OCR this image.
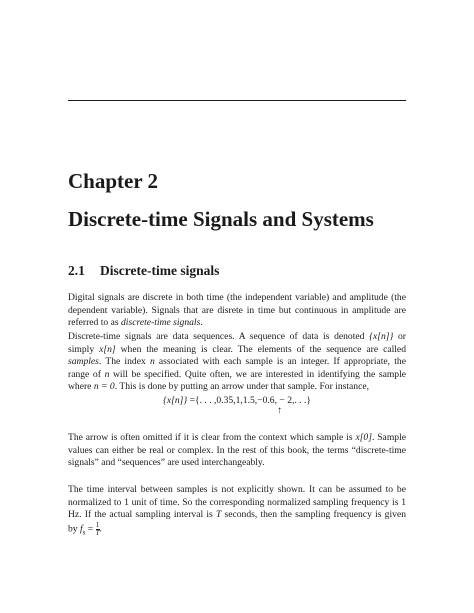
Chapter 2
Discrete-time Signals and Systems
2.1 Discrete-time signals
Digital signals are discrete in both time (the independent variable) and amplitude (the dependent variable). Signals that are disrete in time but continuous in amplitude are referred to as discrete-time signals.
Discrete-time signals are data sequences. A sequence of data is denoted {x[n]} or simply x[n] when the meaning is clear. The elements of the sequence are called samples. The index n associated with each sample is an integer. If appropriate, the range of n will be specified. Quite often, we are interested in identifying the sample where n = 0. This is done by putting an arrow under that sample. For instance,
{x[n]} ={. . . ,0.35,1,1.5,−0.6, − 2,. . .}
↑
The arrow is often omitted if it is clear from the context which sample is x[0]. Sample values can either be real or complex. In the rest of this book, the terms “discrete-time signals” and “sequences” are used interchangeably.
The time interval between samples is not explicitly shown. It can be assumed to be normalized to 1 unit of time. So the corresponding normalized sampling frequency is 1 Hz. If the actual sampling interval is T seconds, then the sampling frequency is given by $f_s = \frac{1}{T}$ .
